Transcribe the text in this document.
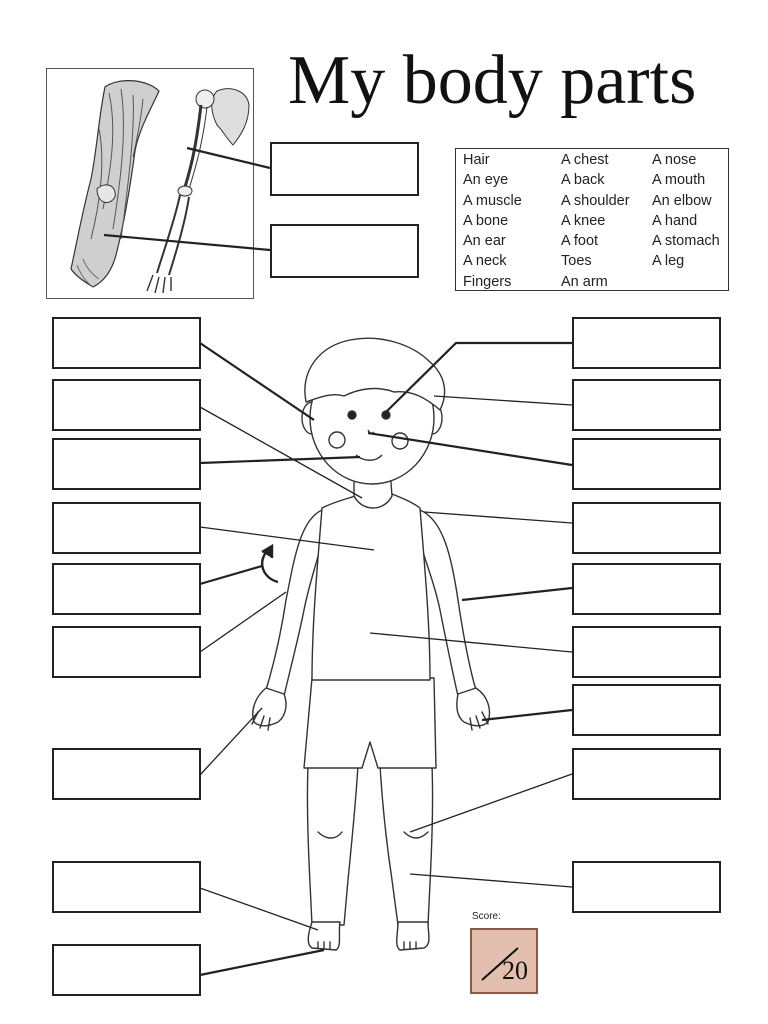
My body parts
Hair
An eye
A muscle
A bone
An ear
A neck
Fingers
A chest
A back
A shoulder
A knee
A foot
Toes
An arm
A nose
A mouth
An elbow
A hand
A stomach
A leg
Score:
20
